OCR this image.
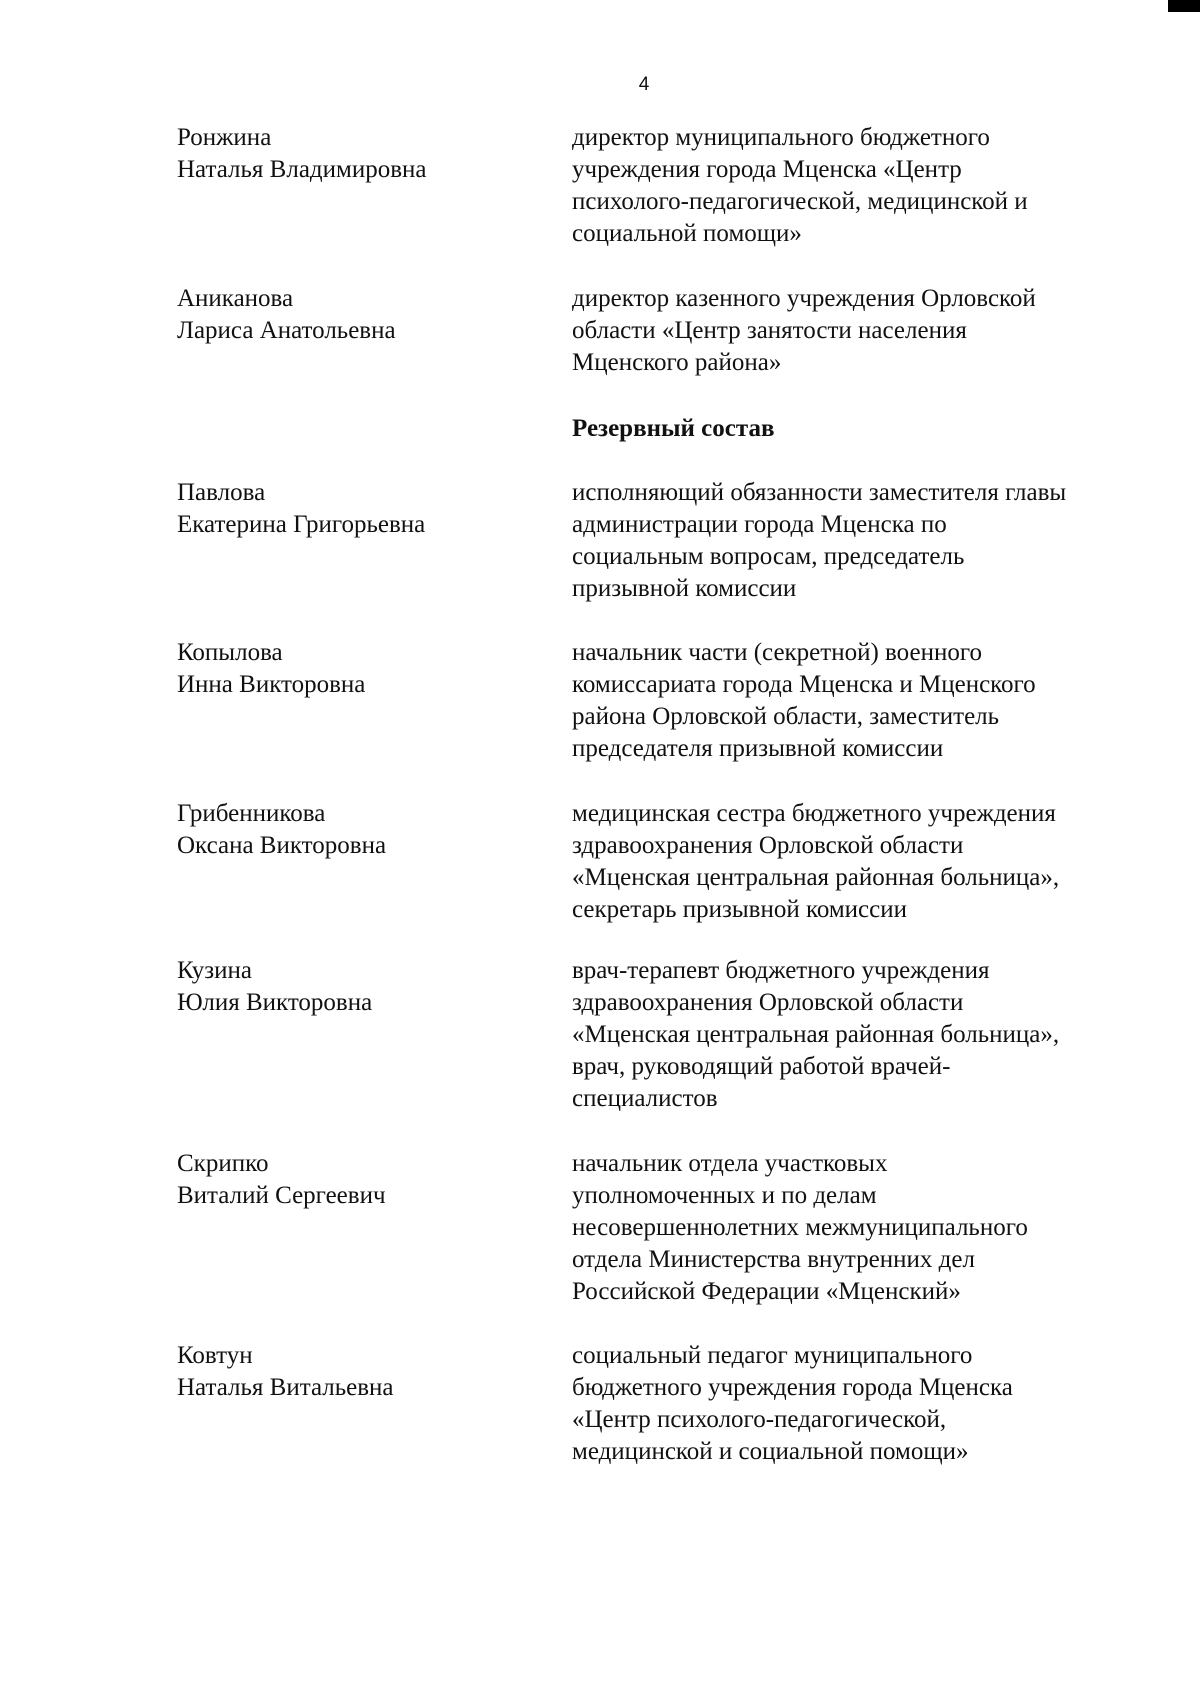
4
Ронжина
Наталья Владимировна
директор муниципального бюджетного
учреждения города Мценска «Центр
психолого-педагогической, медицинской и
социальной помощи»
Аниканова
Лариса Анатольевна
директор казенного учреждения Орловской
области «Центр занятости населения
Мценского района»
Резервный состав
Павлова
Екатерина Григорьевна
исполняющий обязанности заместителя главы
администрации города Мценска по
социальным вопросам, председатель
призывной комиссии
Копылова
Инна Викторовна
начальник части (секретной) военного
комиссариата города Мценска и Мценского
района Орловской области, заместитель
председателя призывной комиссии
Грибенникова
Оксана Викторовна
медицинская сестра бюджетного учреждения
здравоохранения Орловской области
«Мценская центральная районная больница»,
секретарь призывной комиссии
Кузина
Юлия Викторовна
врач-терапевт бюджетного учреждения
здравоохранения Орловской области
«Мценская центральная районная больница»,
врач, руководящий работой врачей-
специалистов
Скрипко
Виталий Сергеевич
начальник отдела участковых
уполномоченных и по делам
несовершеннолетних межмуниципального
отдела Министерства внутренних дел
Российской Федерации «Мценский»
Ковтун
Наталья Витальевна
социальный педагог муниципального
бюджетного учреждения города Мценска
«Центр психолого-педагогической,
медицинской и социальной помощи»
